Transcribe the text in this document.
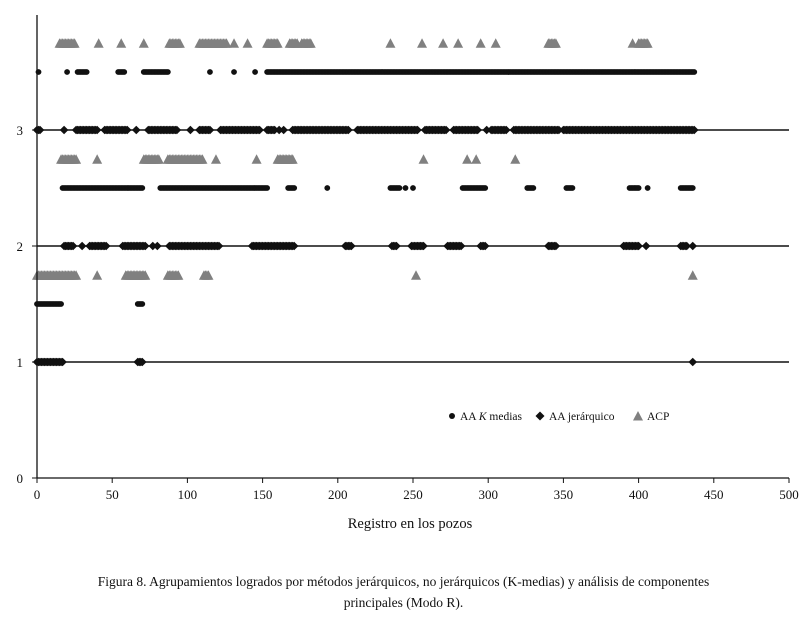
0	50	100	150	200	250	300	350	400	450	500
0
1
2
3
Registro en los pozos
AA K medias AA jerárquico	ACP
Figura 8. Agrupamientos logrados por métodos jerárquicos, no jerárquicos (K-medias) y análisis de componentes
principales (Modo R).
